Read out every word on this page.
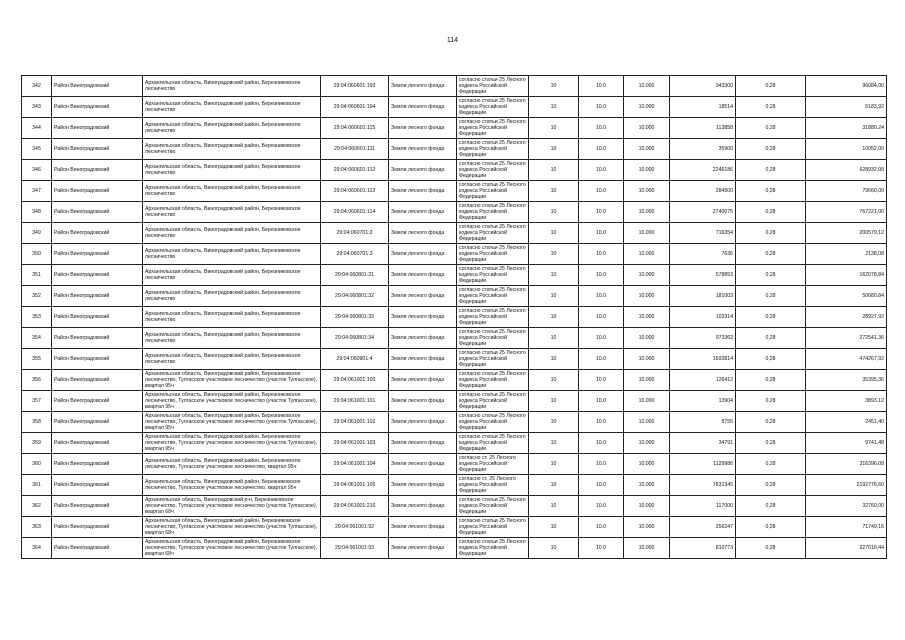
114
342	Район Виноградовский	Архангельская область, Виноградовский район, Березниковское лесничество	29:04:060601:193	Земли лесного фонда	согласно статьи 25 Лесного кодекса Российской Федерации	10	10.0	10.000	343300	0,28	96084,00
343	Район Виноградовский	Архангельская область, Виноградовский район, Березниковское лесничество	29:04:060601:194	Земли лесного фонда	согласно статьи 25 Лесного кодекса Российской Федерации	10	10.0	10.000	18514	0,28	5183,92
344	Район Виноградовский	Архангельская область, Виноградовский район, Березниковское лесничество	29:04:060601:115	Земли лесного фонда	согласно статьи 25 Лесного кодекса Российской Федерации	10	10.0	10.000	113858	0,28	31880,24
345	Район Виноградовский	Архангельская область, Виноградовский район, Березниковское лесничество	29:04:060601:111	Земли лесного фонда	согласно статьи 25 Лесного кодекса Российской Федерации	10	10.0	10.000	35900	0,28	10052,00
346	Район Виноградовский	Архангельская область, Виноградовский район, Березниковское лесничество	29:04:060601:112	Земли лесного фонда	согласно статьи 25 Лесного кодекса Российской Федерации	10	10.0	10.000	2246186	0,28	628932,08
347	Район Виноградовский	Архангельская область, Виноградовский район, Березниковское лесничество	29:04:060601:113	Земли лесного фонда	согласно статьи 25 Лесного кодекса Российской Федерации	10	10.0	10.000	284500	0,28	79660,00
348	Район Виноградовский	Архангельская область, Виноградовский район, Березниковское лесничество	29:04:060601:114	Земли лесного фонда	согласно статьи 25 Лесного кодекса Российской Федерации	10	10.0	10.000	2740075	0,28	767221,00
349	Район Виноградовский	Архангельская область, Виноградовский район, Березниковское лесничество	29:04:060701:2	Земли лесного фонда	согласно статьи 25 Лесного кодекса Российской Федерации	10	10.0	10.000	716354	0,28	200579,12
350	Район Виноградовский	Архангельская область, Виноградовский район, Березниковское лесничество	29:04:060701:3	Земли лесного фонда	согласно статьи 25 Лесного кодекса Российской Федерации	10	10.0	10.000	7636	0,28	2138,08
351	Район Виноградовский	Архангельская область, Виноградовский район, Березниковское лесничество	29:04:060801:31	Земли лесного фонда	согласно статьи 25 Лесного кодекса Российской Федерации	10	10.0	10.000	578853	0,28	162078,84
352	Район Виноградовский	Архангельская область, Виноградовский район, Березниковское лесничество	29:04:060801:32	Земли лесного фонда	согласно статьи 25 Лесного кодекса Российской Федерации	10	10.0	10.000	181003	0,28	50680,84
353	Район Виноградовский	Архангельская область, Виноградовский район, Березниковское лесничество	29:04:060801:33	Земли лесного фонда	согласно статьи 25 Лесного кодекса Российской Федерации	10	10.0	10.000	103314	0,28	28927,92
354	Район Виноградовский	Архангельская область, Виноградовский район, Березниковское лесничество	29:04:060801:34	Земли лесного фонда	согласно статьи 25 Лесного кодекса Российской Федерации	10	10.0	10.000	973362	0,28	272541,36
355	Район Виноградовский	Архангельская область, Виноградовский район, Березниковское лесничество	29:04:060901:4	Земли лесного фонда	согласно статьи 25 Лесного кодекса Российской Федерации	10	10.0	10.000	1693814	0,28	474267,92
356	Район Виноградовский	Архангельская область, Виноградовский район, Березниковское лесничество, Тулгасское участковое лесничество (участок Тулгасское), квартал 95ч	29:04:061001:100	Земли лесного фонда	согласно статьи 25 Лесного кодекса Российской Федерации	10	10.0	10.000	126412	0,28	35395,36
357	Район Виноградовский	Архангельская область, Виноградовский район, Березниковское лесничество, Тулгасское участковое лесничество (участок Тулгасское), квартал 95ч	29:04:061001:101	Земли лесного фонда	согласно статьи 25 Лесного кодекса Российской Федерации	10	10.0	10.000	13904	0,28	3893,12
358	Район Виноградовский	Архангельская область, Виноградовский район, Березниковское лесничество, Тулгасское участковое лесничество (участок Тулгасское), квартал 95ч	29:04:061001:102	Земли лесного фонда	согласно статьи 25 Лесного кодекса Российской Федерации	10	10.0	10.000	8755	0,28	2451,40
359	Район Виноградовский	Архангельская область, Виноградовский район, Березниковское лесничество, Тулгасское участковое лесничество (участок Тулгасское), квартал 95ч	29:04:061001:103	Земли лесного фонда	согласно статьи 25 Лесного кодекса Российской Федерации	10	10.0	10.000	34791	0,28	9741,48
360	Район Виноградовский	Архангельская область, Виноградовский район, Березниковское лесничество, Тулгасское участковое лесничество, квартал 95ч	29:04:061001:104	Земли лесного фонда	согласно ст. 25 Лесного кодекса Российской Федерации	10	10.0	10.000	1129986	0,28	316396,08
361	Район Виноградовский	Архангельская область, Виноградовский район, Березниковское лесничество, Тулгасское участковое лесничество, квартал 95ч	29:04:061001:105	Земли лесного фонда	согласно ст. 25 Лесного кодекса Российской Федерации	10	10.0	10.000	7831345	0,28	2192776,60
362	Район Виноградовский	Архангельская область, Виноградовский р-н, Березниковское лесничество, Тулгасское участковое лесничество (участок Тулгасское), квартал 68ч	29:04:061001:216	Земли лесного фонда	согласно статьи 25 Лесного кодекса Российской Федерации	10	10.0	10.000	117000	0,28	32760,00
363	Район Виноградовский	Архангельская область, Виноградовский район, Березниковское лесничество, Тулгасское участковое лесничество (участок Тулгасское), квартал 68ч	29:04:061001:92	Земли лесного фонда	согласно статьи 25 Лесного кодекса Российской Федерации	10	10.0	10.000	256247	0,28	71749,16
364	Район Виноградовский	Архангельская область, Виноградовский район, Березниковское лесничество, Тулгасское участковое лесничество (участок Тулгасское), квартал 68ч	29:04:061001:93	Земли лесного фонда	согласно статьи 25 Лесного кодекса Российской Федерации	10	10.0	10.000	810773	0,28	227016,44
